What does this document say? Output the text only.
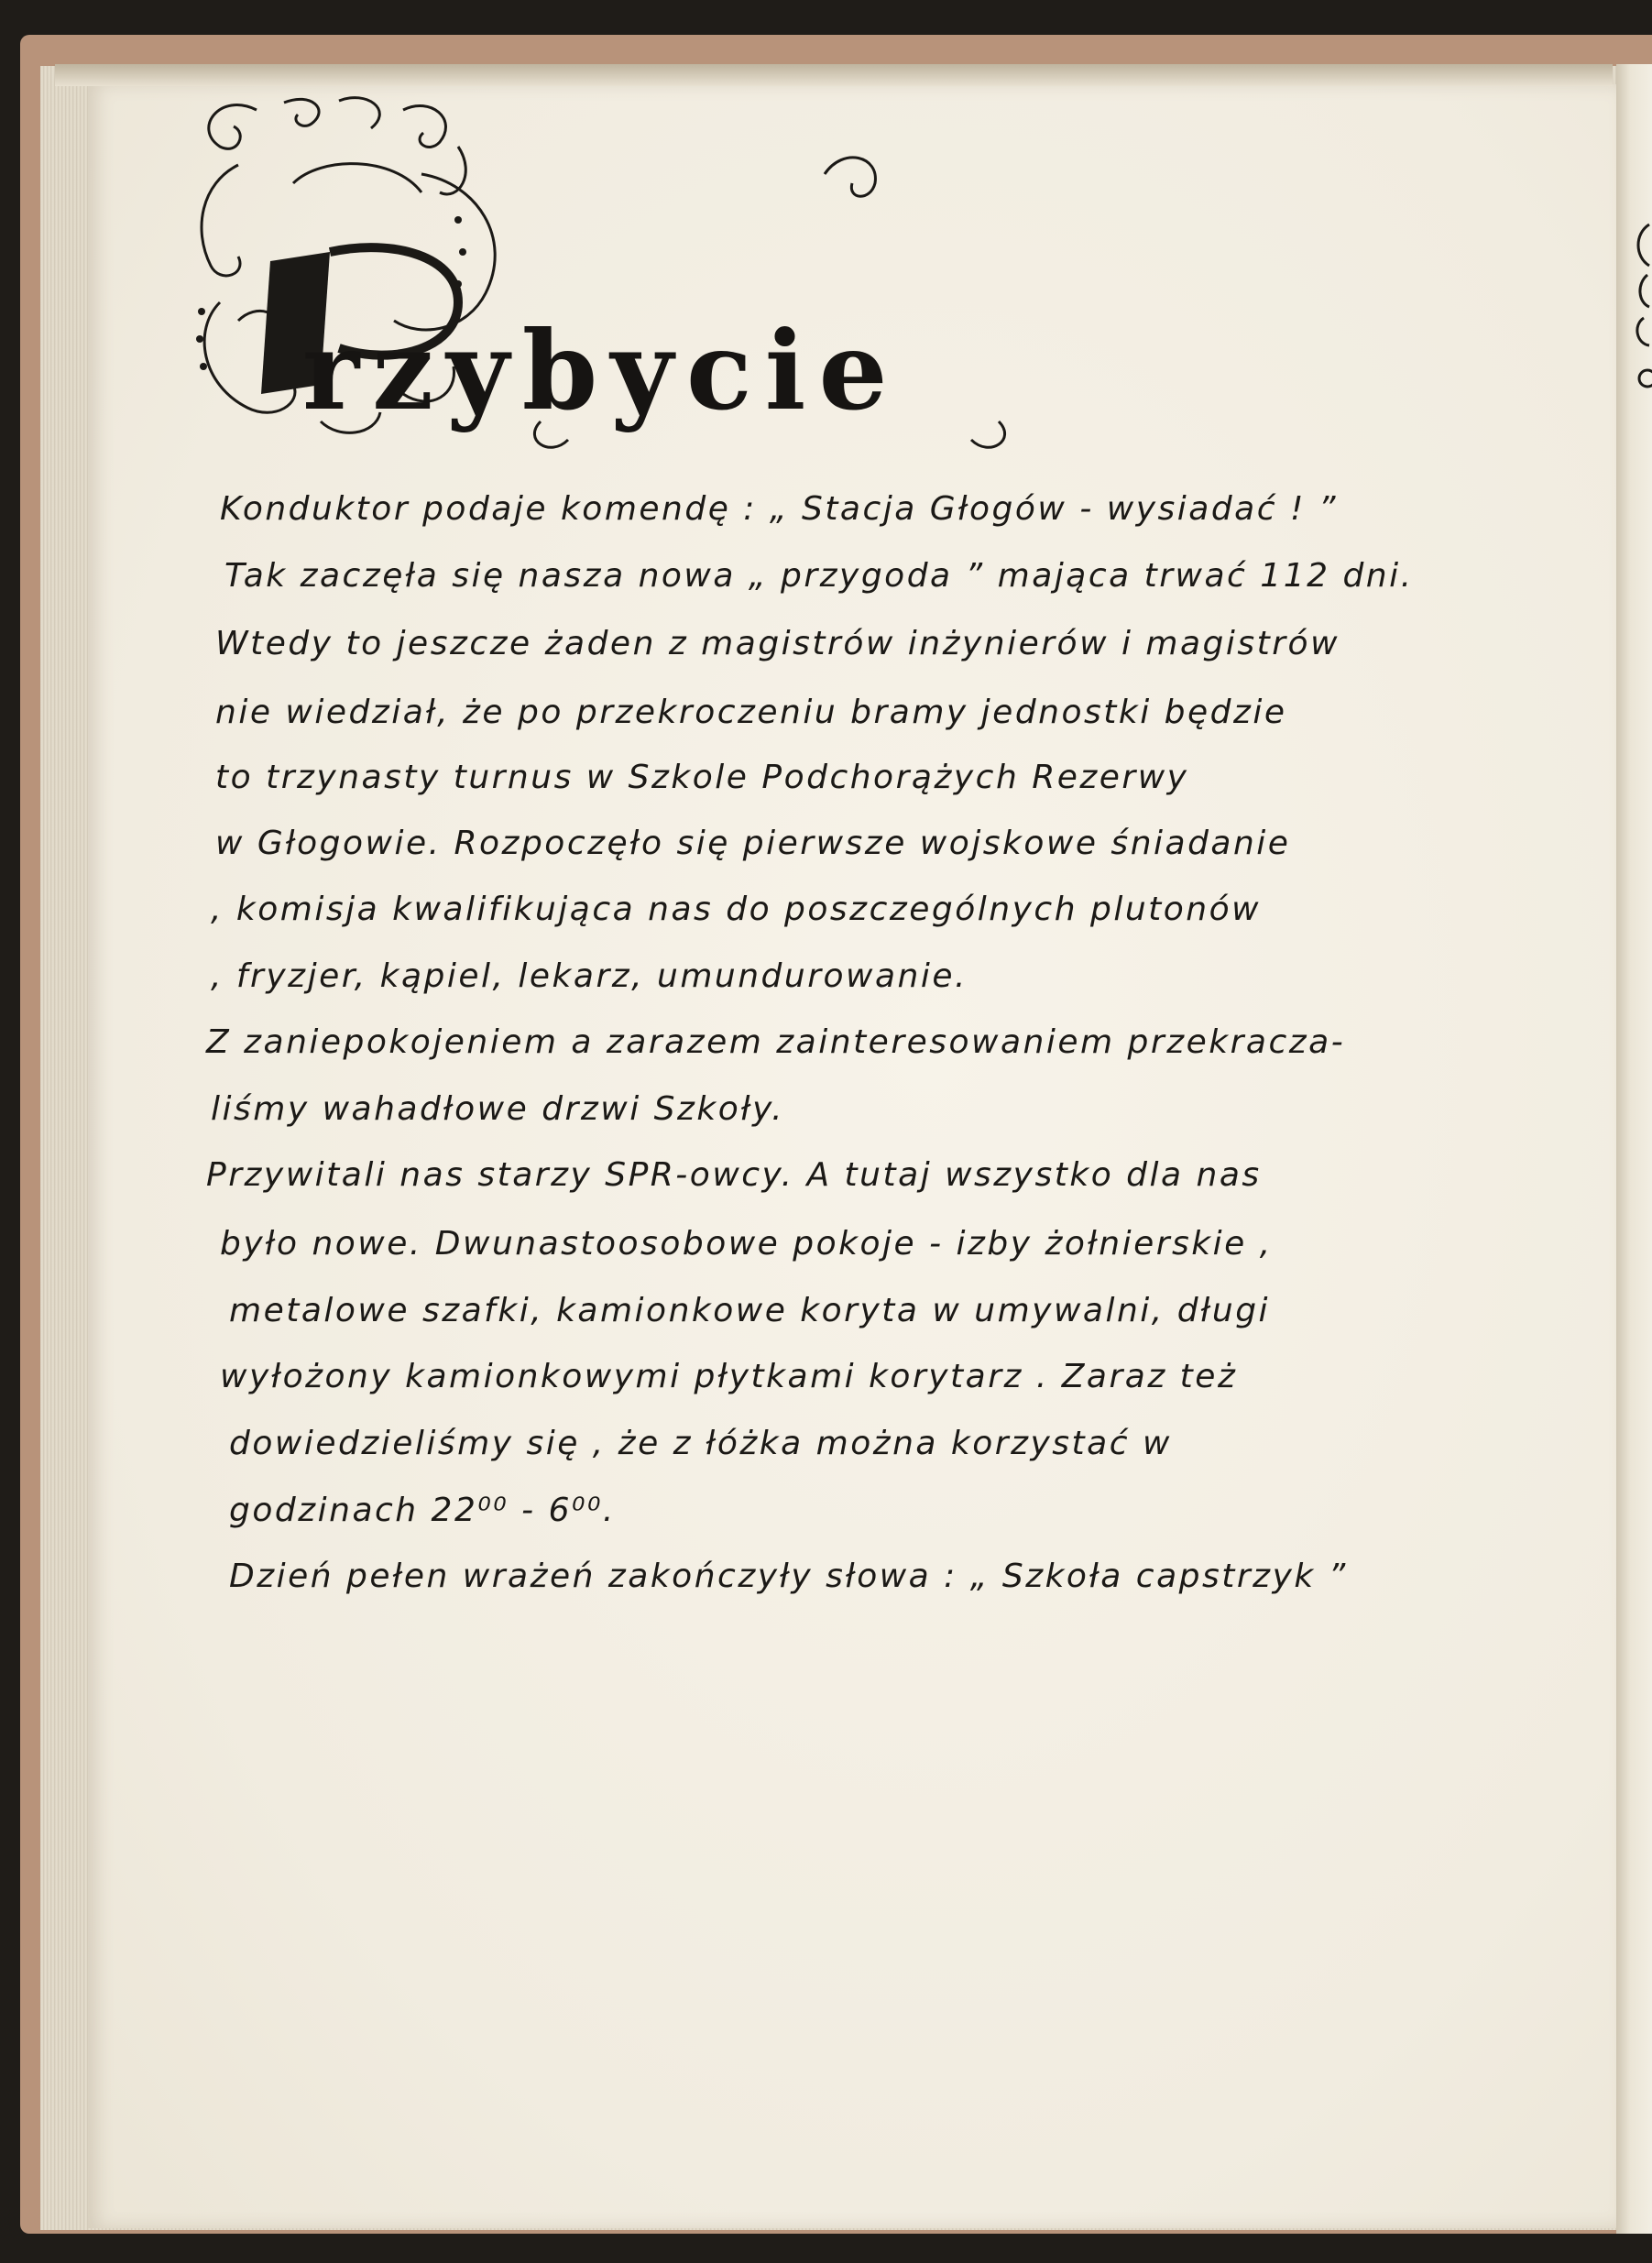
rzybycie
Konduktor podaje komendę : „ Stacja Głogów - wysiadać ! ”
Tak zaczęła się nasza nowa „ przygoda ” mająca trwać 112 dni.
Wtedy to jeszcze żaden z magistrów inżynierów i magistrów
nie wiedział, że po przekroczeniu bramy jednostki będzie
to trzynasty turnus w Szkole Podchorążych Rezerwy
w Głogowie. Rozpoczęło się pierwsze wojskowe śniadanie
, komisja kwalifikująca nas do poszczególnych plutonów
, fryzjer, kąpiel, lekarz, umundurowanie.
Z zaniepokojeniem a zarazem zainteresowaniem przekracza-
liśmy wahadłowe drzwi Szkoły.
Przywitali nas starzy SPR-owcy. A tutaj wszystko dla nas
było nowe. Dwunastoosobowe pokoje - izby żołnierskie ,
metalowe szafki, kamionkowe koryta w umywalni, długi
wyłożony kamionkowymi płytkami korytarz . Zaraz też
dowiedzieliśmy się , że z łóżka można korzystać w
godzinach 22⁰⁰ - 6⁰⁰.
Dzień pełen wrażeń zakończyły słowa : „ Szkoła capstrzyk ”
